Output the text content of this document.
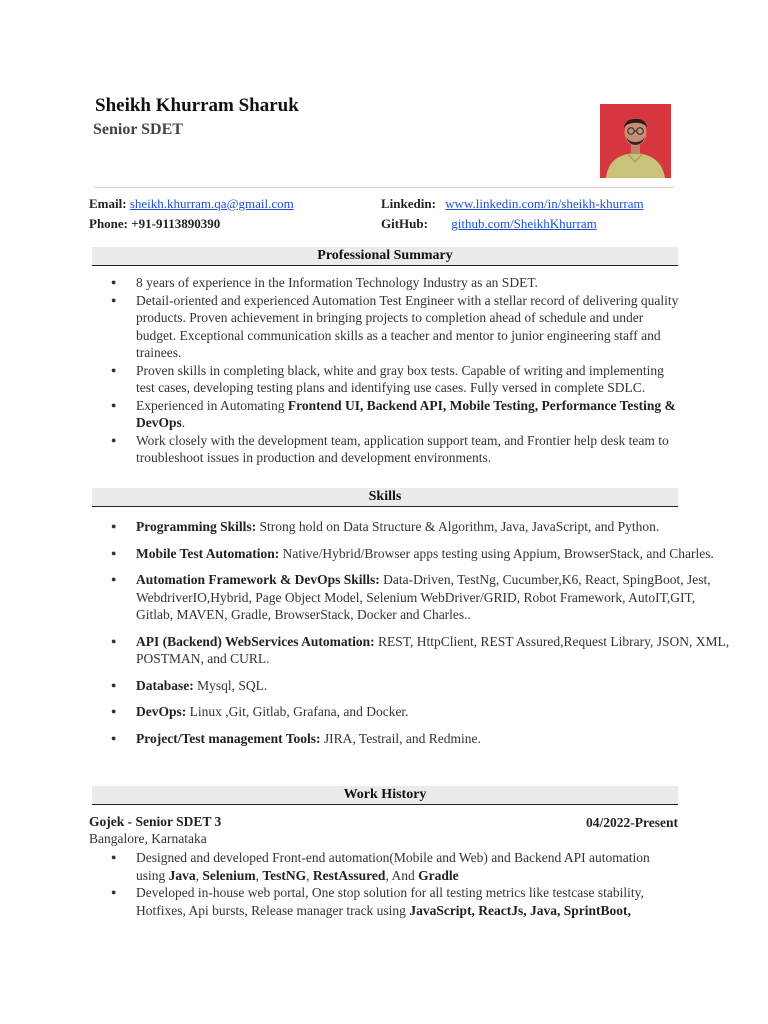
Sheikh Khurram Sharuk
Senior SDET
Email: sheikh.khurram.qa@gmail.com
Phone: +91-9113890390
Linkedin: www.linkedin.com/in/sheikh-khurram
GitHub: github.com/SheikhKhurram
Professional Summary
● 8 years of experience in the Information Technology Industry as an SDET.
● Detail-oriented and experienced Automation Test Engineer with a stellar record of delivering quality products. Proven achievement in bringing projects to completion ahead of schedule and under budget. Exceptional communication skills as a teacher and mentor to junior engineering staff and trainees.
● Proven skills in completing black, white and gray box tests. Capable of writing and implementing test cases, developing testing plans and identifying use cases. Fully versed in complete SDLC.
● Experienced in Automating Frontend UI, Backend API, Mobile Testing, Performance Testing & DevOps.
● Work closely with the development team, application support team, and Frontier help desk team to troubleshoot issues in production and development environments.
Skills
● Programming Skills: Strong hold on Data Structure & Algorithm, Java, JavaScript, and Python.
● Mobile Test Automation: Native/Hybrid/Browser apps testing using Appium, BrowserStack, and Charles.
● Automation Framework & DevOps Skills: Data-Driven, TestNg, Cucumber,K6, React, SpingBoot, Jest, WebdriverIO,Hybrid, Page Object Model, Selenium WebDriver/GRID, Robot Framework, AutoIT,GIT, Gitlab, MAVEN, Gradle, BrowserStack, Docker and Charles..
● API (Backend) WebServices Automation: REST, HttpClient, REST Assured,Request Library, JSON, XML, POSTMAN, and CURL.
● Database: Mysql, SQL.
● DevOps: Linux ,Git, Gitlab, Grafana, and Docker.
● Project/Test management Tools: JIRA, Testrail, and Redmine.
Work History
Gojek - Senior SDET 3	04/2022-Present
Bangalore, Karnataka
● Designed and developed Front-end automation(Mobile and Web) and Backend API automation using Java, Selenium, TestNG, RestAssured, And Gradle
● Developed in-house web portal, One stop solution for all testing metrics like testcase stability, Hotfixes, Api bursts, Release manager track using JavaScript, ReactJs, Java, SprintBoot,
